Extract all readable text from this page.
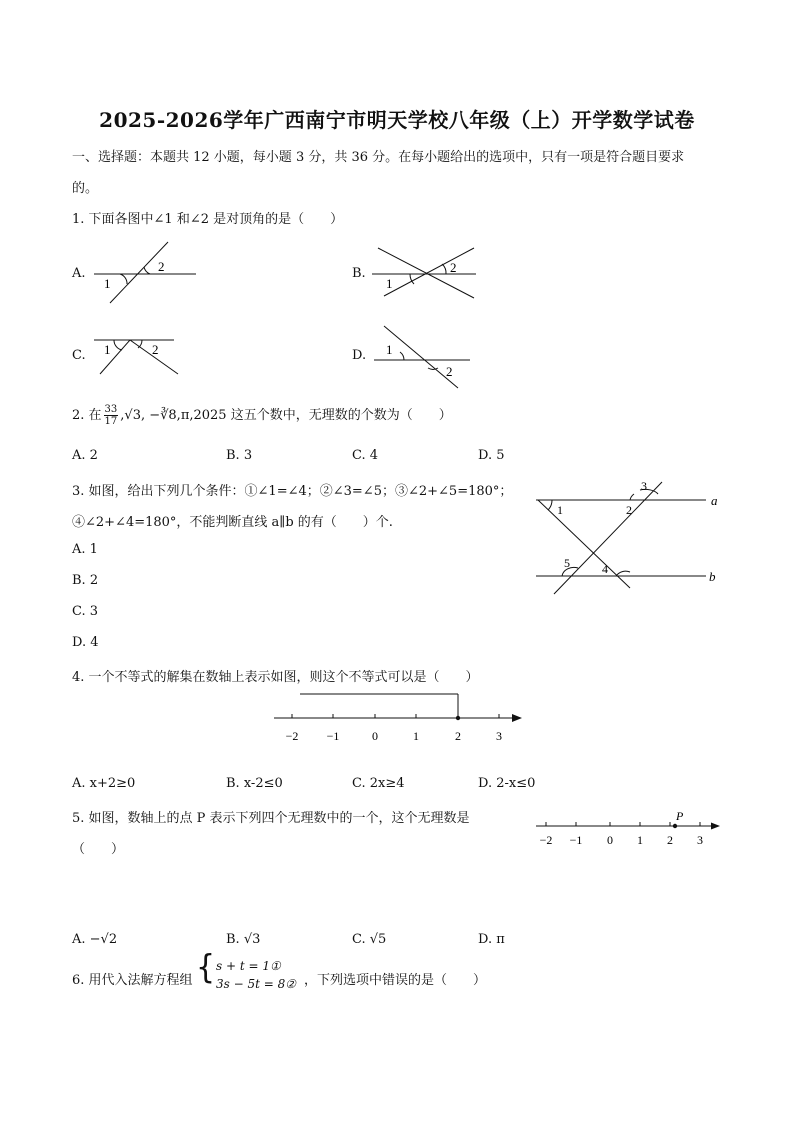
2025-2026学年广西南宁市明天学校八年级（上）开学数学试卷
一、选择题：本题共 12 小题，每小题 3 分，共 36 分。在每小题给出的选项中，只有一项是符合题目要求
的。
1. 下面各图中∠1 和∠2 是对顶角的是（　　）
A.
1
2	B.
1
2
C. 1	2	D. 1
2
2. 在 $\frac{33}{17} ,√3$, −∛8,π,2025 这五个数中，无理数的个数为（　　）
A. 2	B. 3	C. 4	D. 5
3. 如图，给出下列几个条件：①∠1=∠4；②∠3=∠5；③∠2+∠5=180°；
④∠2+∠4=180°，不能判断直线 a∥b 的有（　　）个.
A. 1
B. 2
C. 3
D. 4
1	2
3
4
5
a
b
4. 一个不等式的解集在数轴上表示如图，则这个不等式可以是（　　）
−2 −1	0	1	2	3
A. x+2≥0	B. x-2≤0	C. 2x≥4	D. 2-x≤0
5. 如图，数轴上的点 P 表示下列四个无理数中的一个，这个无理数是
（　　）
P
−2 −1 0 1 2 3
A. −√2	B. √3	C. √5	D. π
6. 用代入法解方程组 { s + t = 1①
3s − 5t = 8② ，下列选项中错误的是（　　）
